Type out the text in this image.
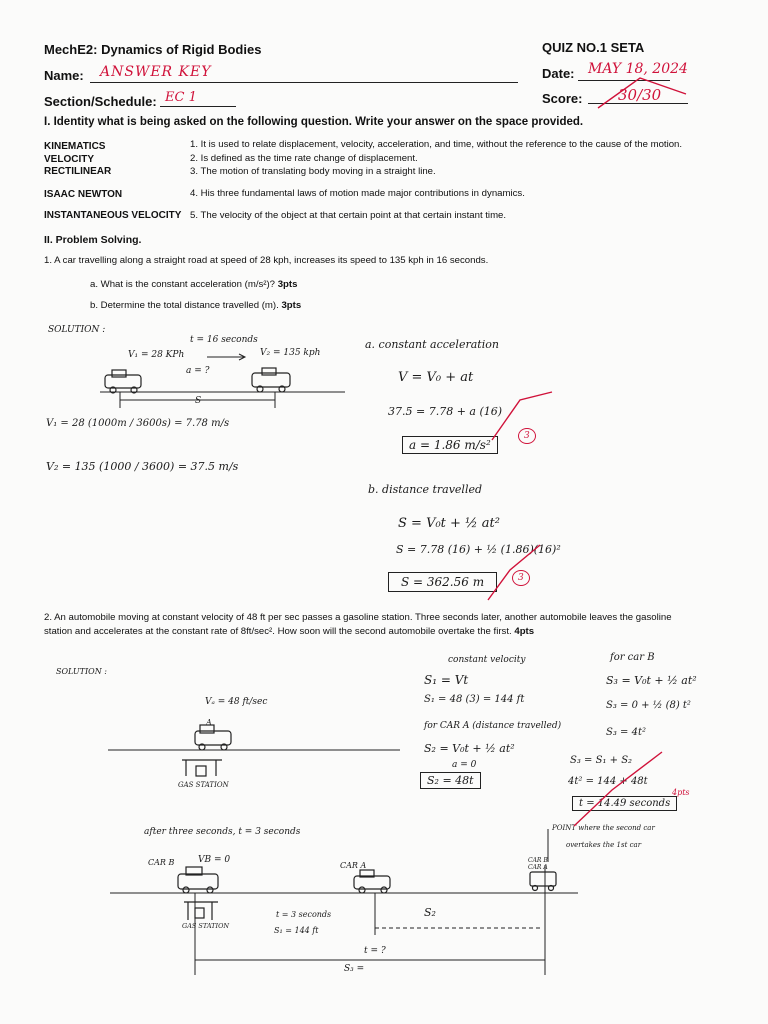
MechE2: Dynamics of Rigid Bodies	QUIZ NO.1 SETA
Name: ANSWER KEY	Date: MAY 18, 2024
Section/Schedule: EC 1	Score: 30/30
I. Identity what is being asked on the following question. Write your answer on the space provided.
KINEMATICS	1. It is used to relate displacement, velocity, acceleration, and time, without the reference to the cause of the motion.
VELOCITY	2. Is defined as the time rate change of displacement.
RECTILINEAR	3. The motion of translating body moving in a straight line.
ISAAC NEWTON	4. His three fundamental laws of motion made major contributions in dynamics.
INSTANTANEOUS VELOCITY 5. The velocity of the object at that certain point at that certain instant time.
II. Problem Solving.
1. A car travelling along a straight road at speed of 28 kph, increases its speed to 135 kph in 16 seconds.
a. What is the constant acceleration (m/s²)? 3pts
b. Determine the total distance travelled (m). 3pts
SOLUTION :
t = 16 seconds
V₁ = 28 KPh	V₂ = 135 kph
a = ?
S
V₁ = 28 (1000m / 3600s) = 7.78 m/s
V₂ = 135 (1000 / 3600) = 37.5 m/s
a. constant acceleration
V = V₀ + at
37.5 = 7.78 + a (16)
a = 1.86 m/s²
3
b. distance travelled
S = V₀t + ½ at²
S = 7.78 (16) + ½ (1.86)(16)²
S = 362.56 m	3
2. An automobile moving at constant velocity of 48 ft per sec passes a gasoline station. Three seconds later, another automobile leaves the gasoline
station and accelerates at the constant rate of 8ft/sec². How soon will the second automobile overtake the first. 4pts
SOLUTION :
Vₐ = 48 ft/sec
A
GAS STATION
constant velocity
S₁ = Vt
S₁ = 48 (3) = 144 ft
for CAR A (distance travelled)
S₂ = V₀t + ½ at²
a = 0
S₂ = 48t
for car B
S₃ = V₀t + ½ at²
S₃ = 0 + ½ (8) t²
S₃ = 4t²
S₃ = S₁ + S₂
4t² = 144 + 48t
t = 14.49 seconds
4pts
after three seconds, t = 3 seconds	POINT where the second car
overtakes the 1st car
CAR B	VB = 0
CAR A
CAR B
CAR A
GAS STATION
t = 3 seconds
S₁ = 144 ft
S₂
t = ?
S₃ =
